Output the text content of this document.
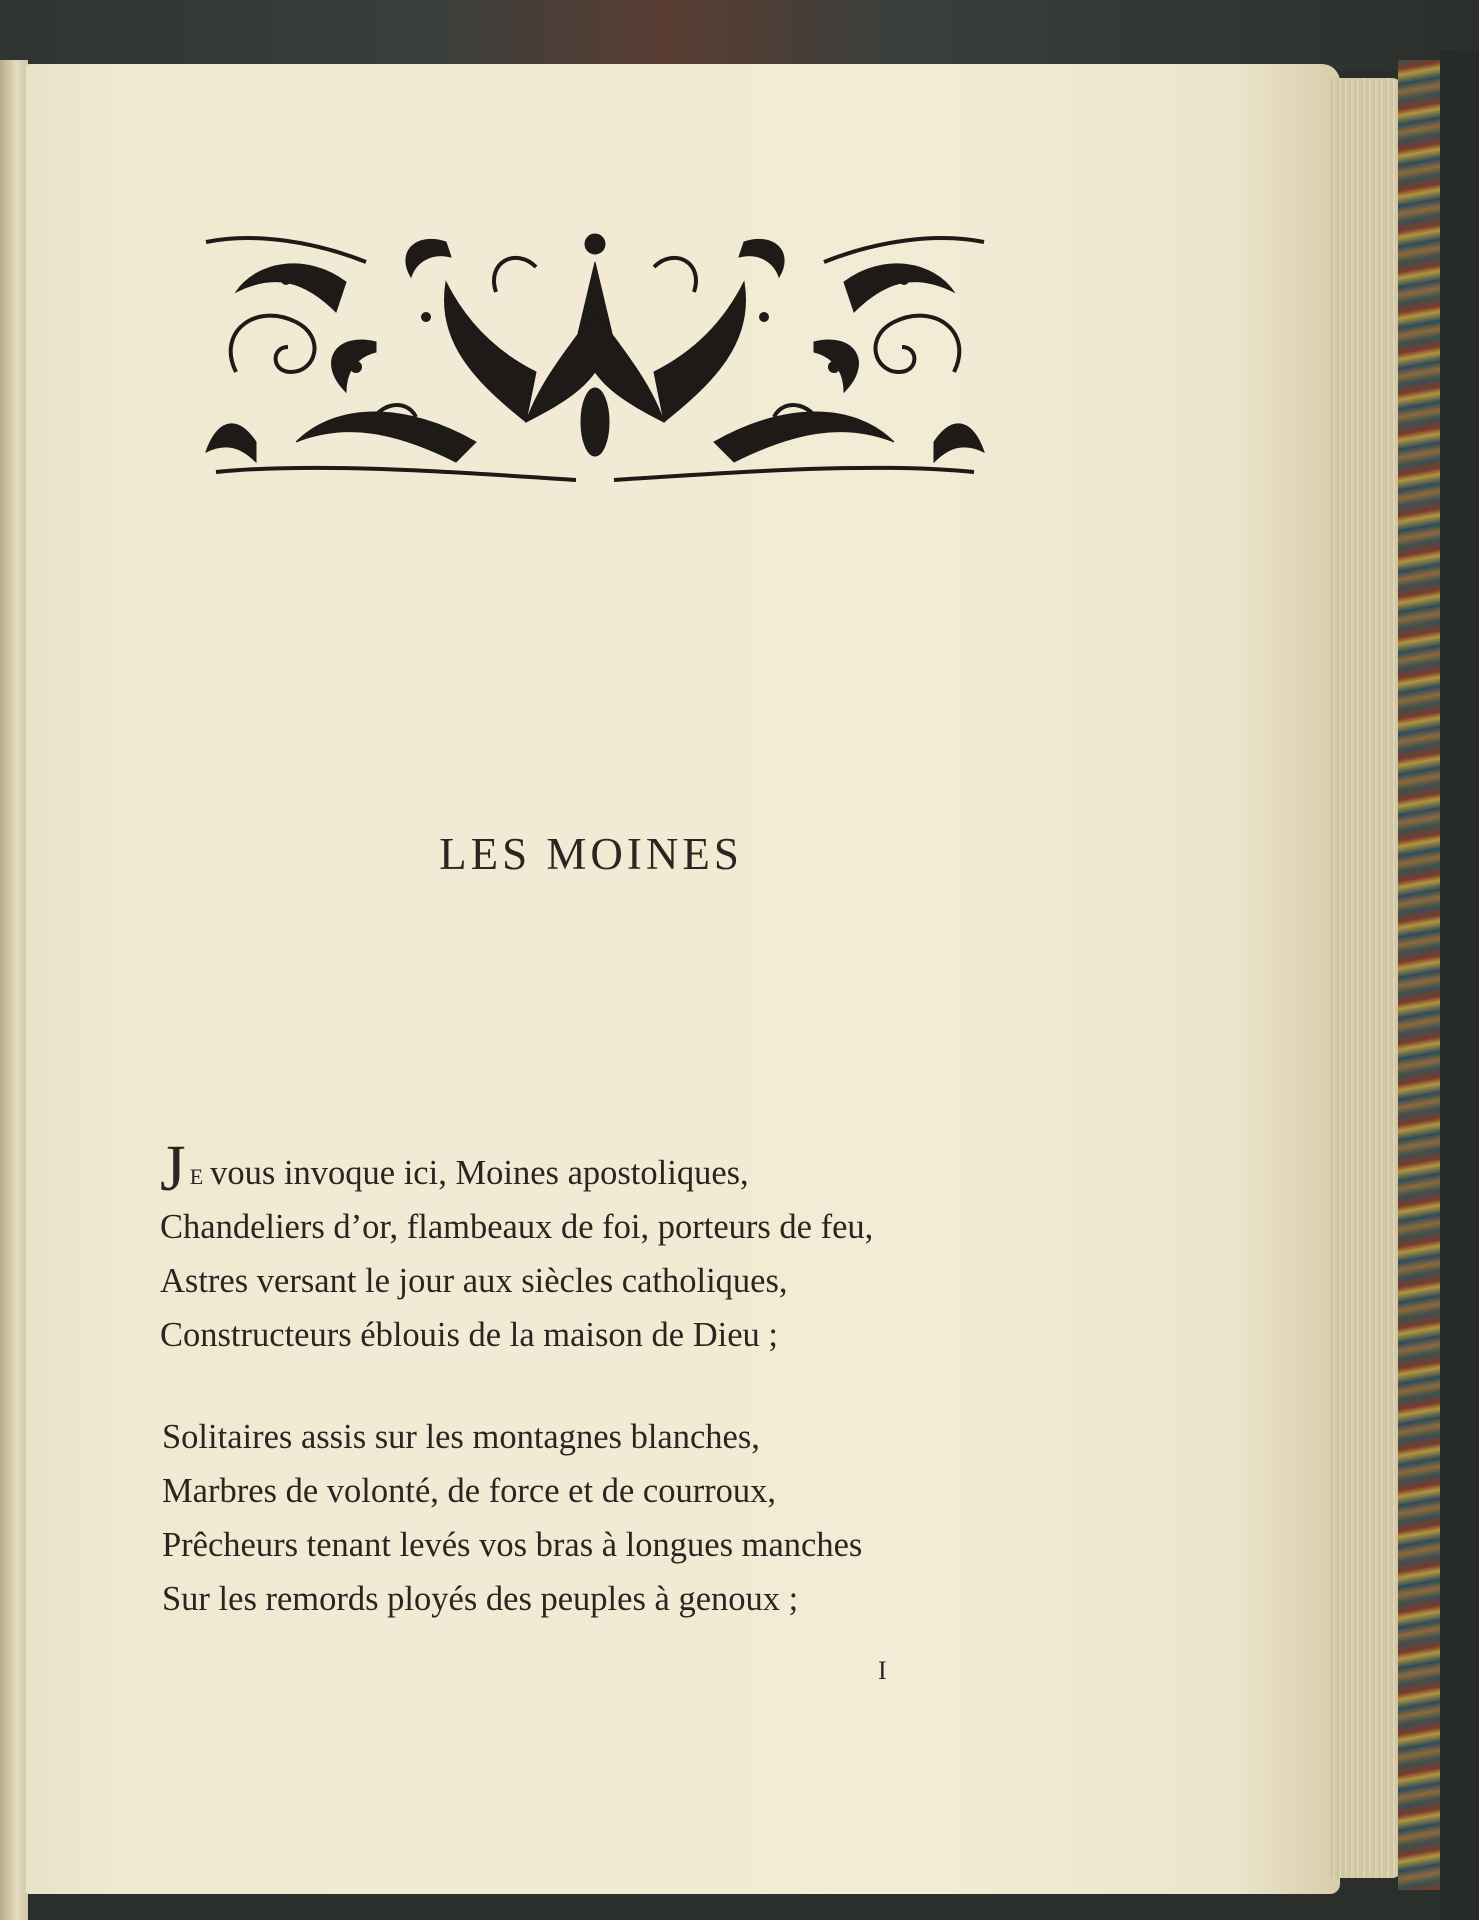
LES MOINES
J E vous invoque ici, Moines apostoliques,
Chandeliers d’or, flambeaux de foi, porteurs de feu,
Astres versant le jour aux siècles catholiques,
Constructeurs éblouis de la maison de Dieu ;
Solitaires assis sur les montagnes blanches,
Marbres de volonté, de force et de courroux,
Prêcheurs tenant levés vos bras à longues manches
Sur les remords ployés des peuples à genoux ;
I
